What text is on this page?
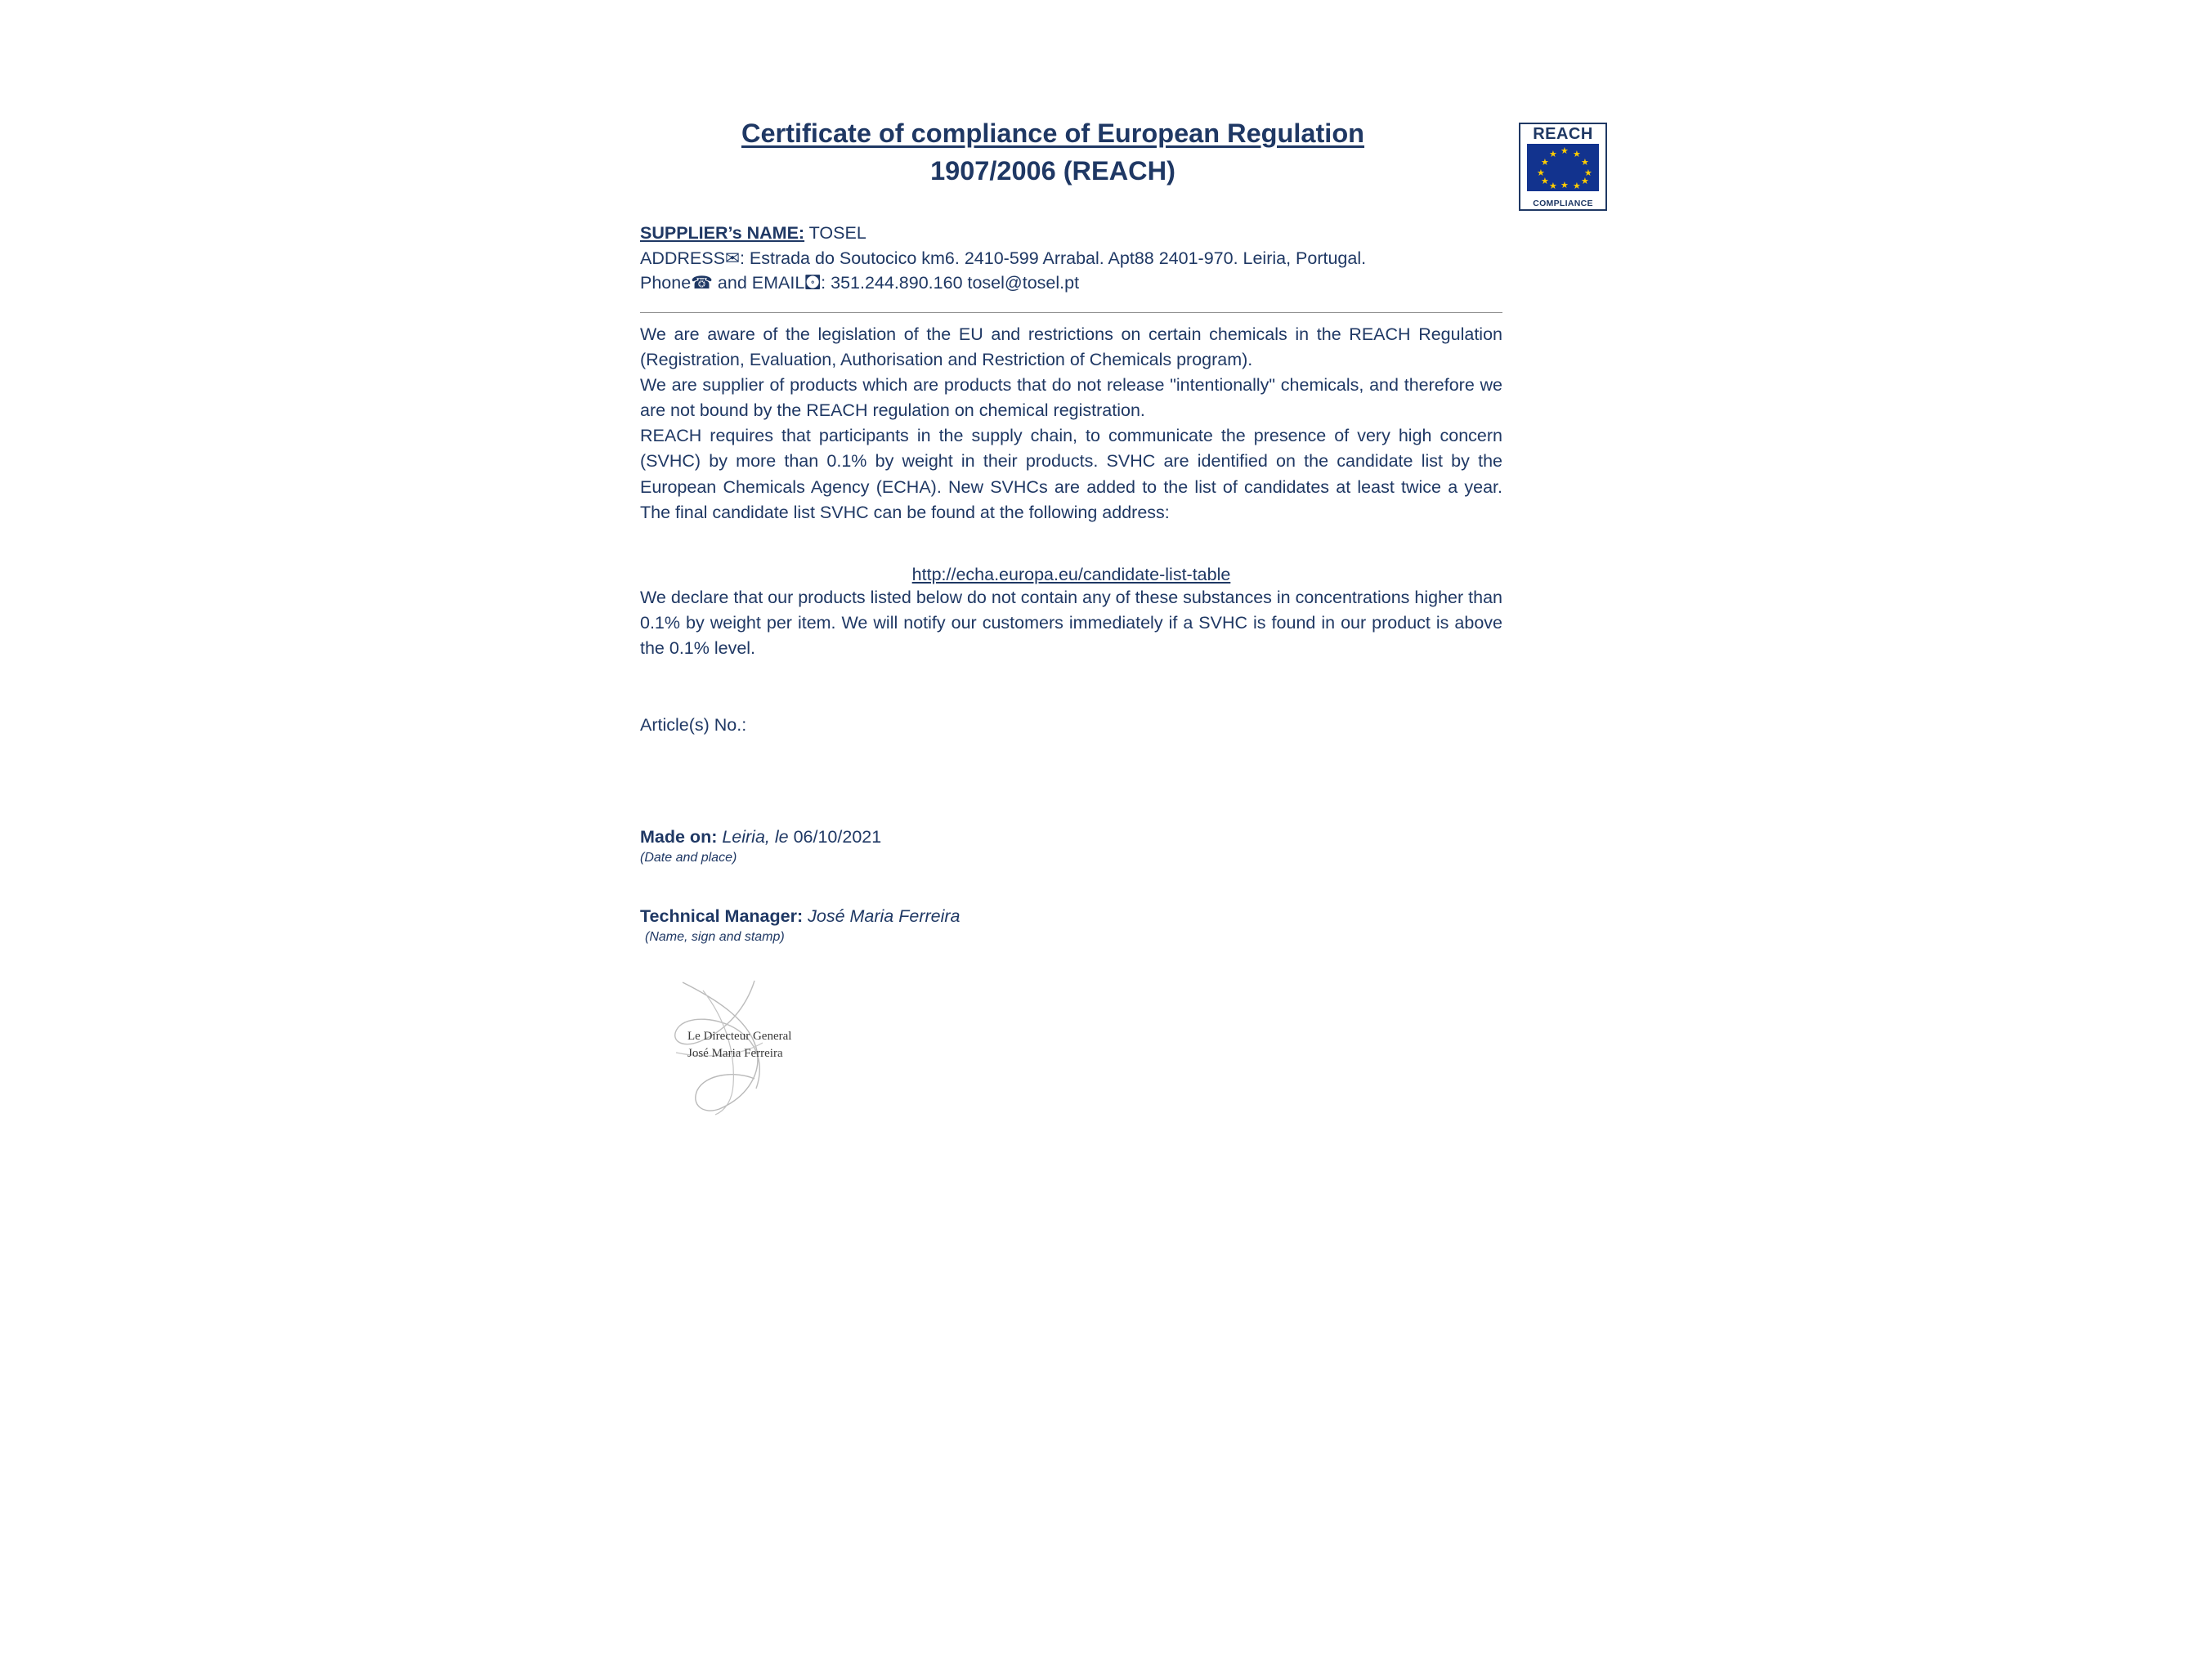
Certificate of compliance of European Regulation
1907/2006 (REACH)
REACH
★ ★
★
★
★
★
★
★
★
★
★
★
COMPLIANCE
SUPPLIER’s NAME: TOSEL
ADDRESS✉: Estrada do Soutocico km6. 2410-599 Arrabal. Apt88 2401-970. Leiria, Portugal.
Phone☎ and EMAIL🖸: 351.244.890.160 tosel@tosel.pt

We are aware of the legislation of the EU and restrictions on certain chemicals in the REACH Regulation (Registration, Evaluation, Authorisation and Restriction of Chemicals program).

We are supplier of products which are products that do not release "intentionally" chemicals, and therefore we are not bound by the REACH regulation on chemical registration.

REACH requires that participants in the supply chain, to communicate the presence of very high concern (SVHC) by more than 0.1% by weight in their products. SVHC are identified on the candidate list by the European Chemicals Agency (ECHA). New SVHCs are added to the list of candidates at least twice a year. The final candidate list SVHC can be found at the following address:

http://echa.europa.eu/candidate-list-table

We declare that our products listed below do not contain any of these substances in concentrations higher than 0.1% by weight per item. We will notify our customers immediately if a SVHC is found in our product is above the 0.1% level.

Article(s) No.:
Made on: Leiria, le 06/10/2021
(Date and place)
Technical Manager: José Maria Ferreira
(Name, sign and stamp)
Le Directeur General
José Maria Ferreira
